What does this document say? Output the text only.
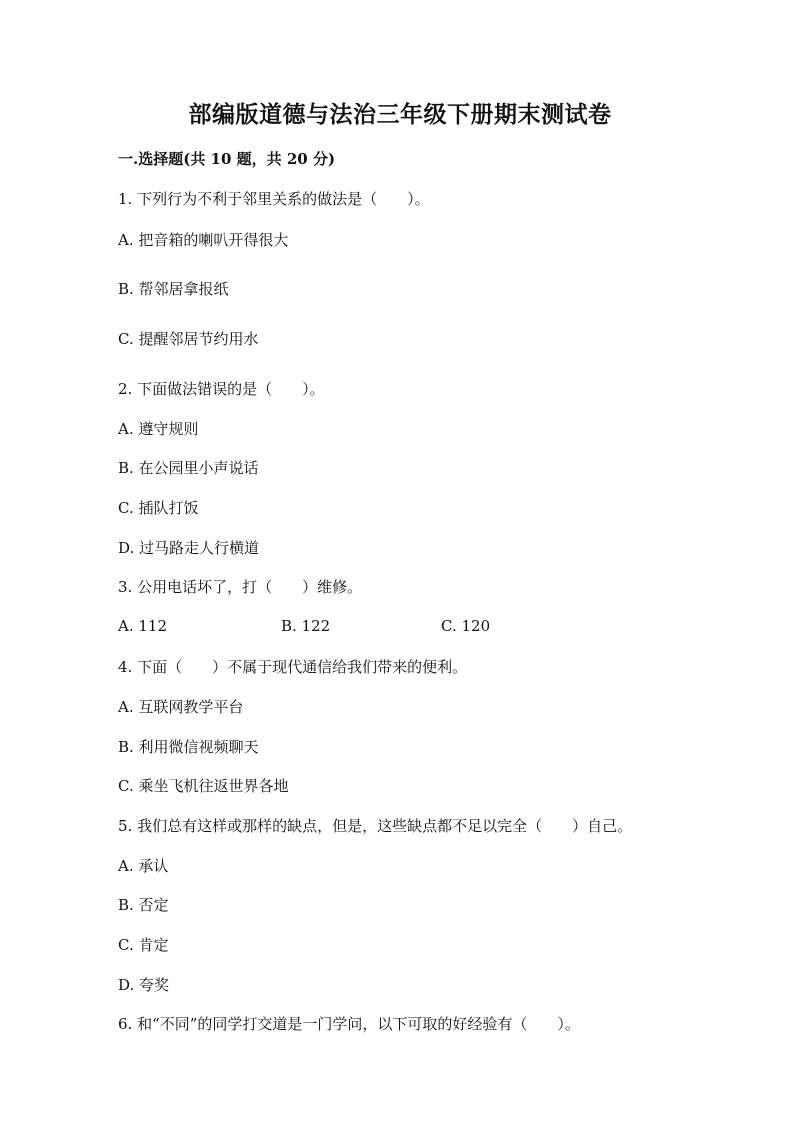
部编版道德与法治三年级下册期末测试卷
一.选择题(共 10 题，共 20 分)
1. 下列行为不利于邻里关系的做法是（　　）。
A. 把音箱的喇叭开得很大
B. 帮邻居拿报纸
C. 提醒邻居节约用水
2. 下面做法错误的是（　　）。
A. 遵守规则
B. 在公园里小声说话
C. 插队打饭
D. 过马路走人行横道
3. 公用电话坏了，打（　　）维修。
A. 112	B. 122	C. 120
4. 下面（　　）不属于现代通信给我们带来的便利。
A. 互联网教学平台
B. 利用微信视频聊天
C. 乘坐飞机往返世界各地
5. 我们总有这样或那样的缺点，但是，这些缺点都不足以完全（　　）自己。
A. 承认
B. 否定
C. 肯定
D. 夸奖
6. 和“不同”的同学打交道是一门学问，以下可取的好经验有（　　）。
